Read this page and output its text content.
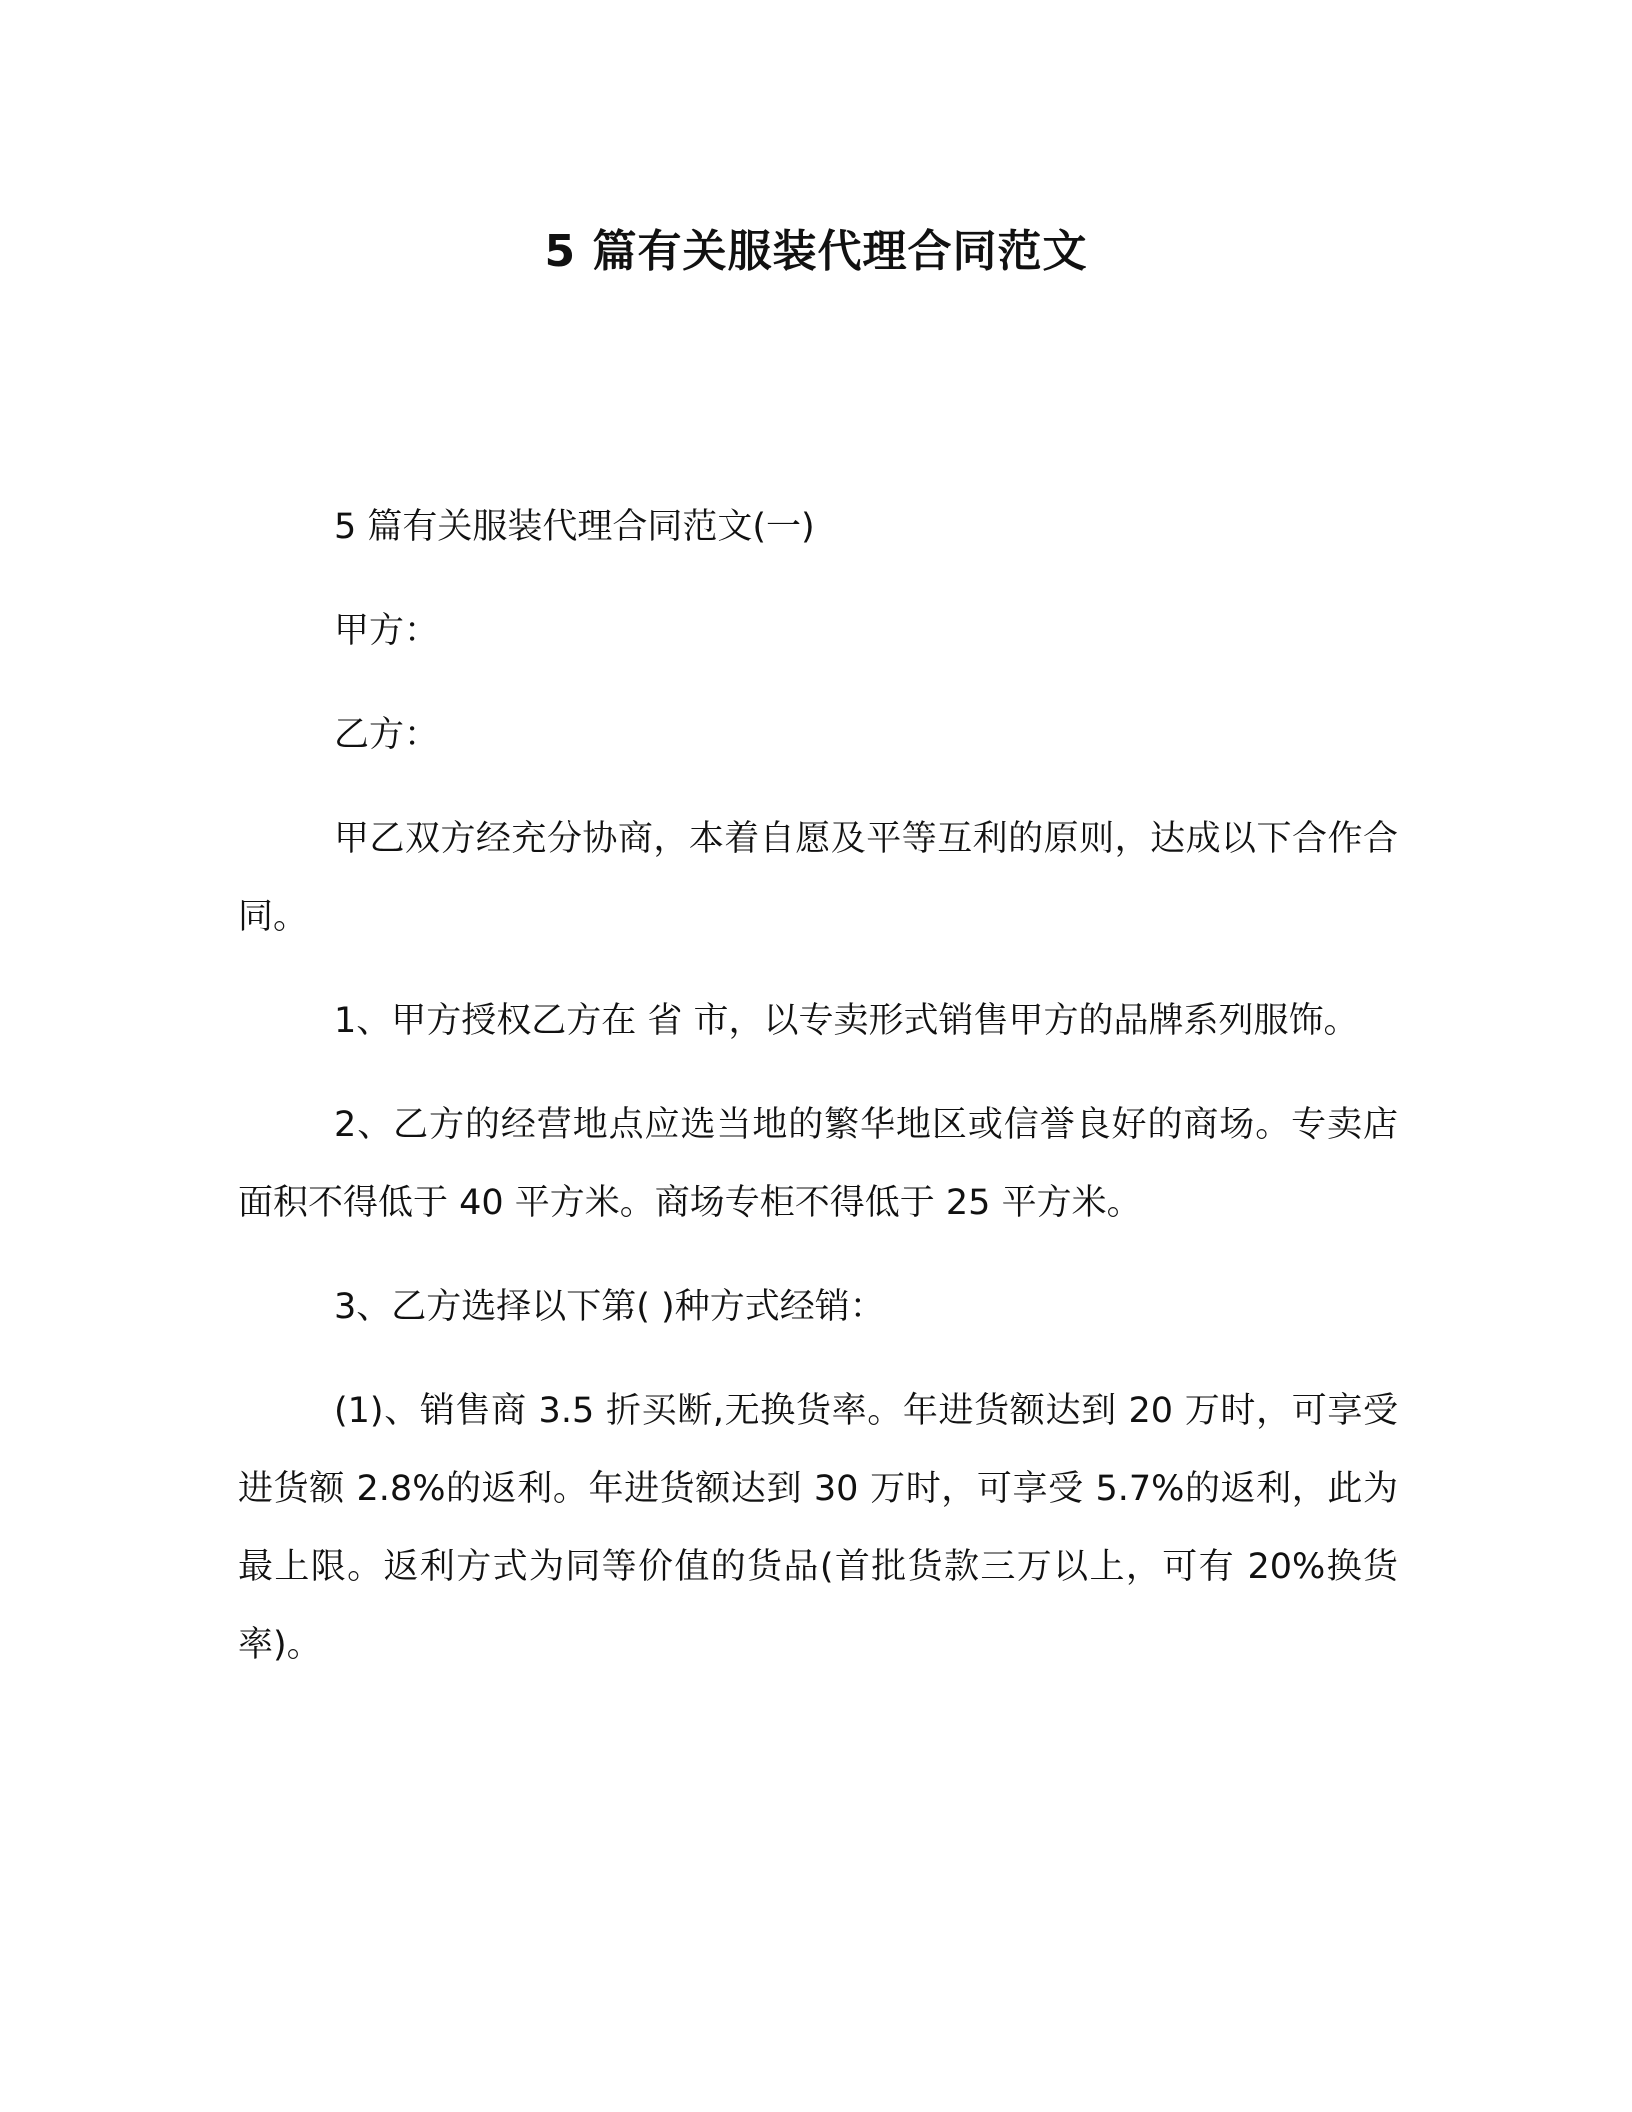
5 篇有关服装代理合同范文

5 篇有关服装代理合同范文(一)

甲方：

乙方：

甲乙双方经充分协商，本着自愿及平等互利的原则，达成以下合作合同。

1、甲方授权乙方在 省 市，以专卖形式销售甲方的品牌系列服饰。

2、乙方的经营地点应选当地的繁华地区或信誉良好的商场。专卖店面积不得低于 40 平方米。商场专柜不得低于 25 平方米。

3、乙方选择以下第( )种方式经销：

(1)、销售商 3.5 折买断,无换货率。年进货额达到 20 万时，可享受进货额 2.8%的返利。年进货额达到 30 万时，可享受 5.7%的返利，此为最上限。返利方式为同等价值的货品(首批货款三万以上，可有 20%换货率)。
